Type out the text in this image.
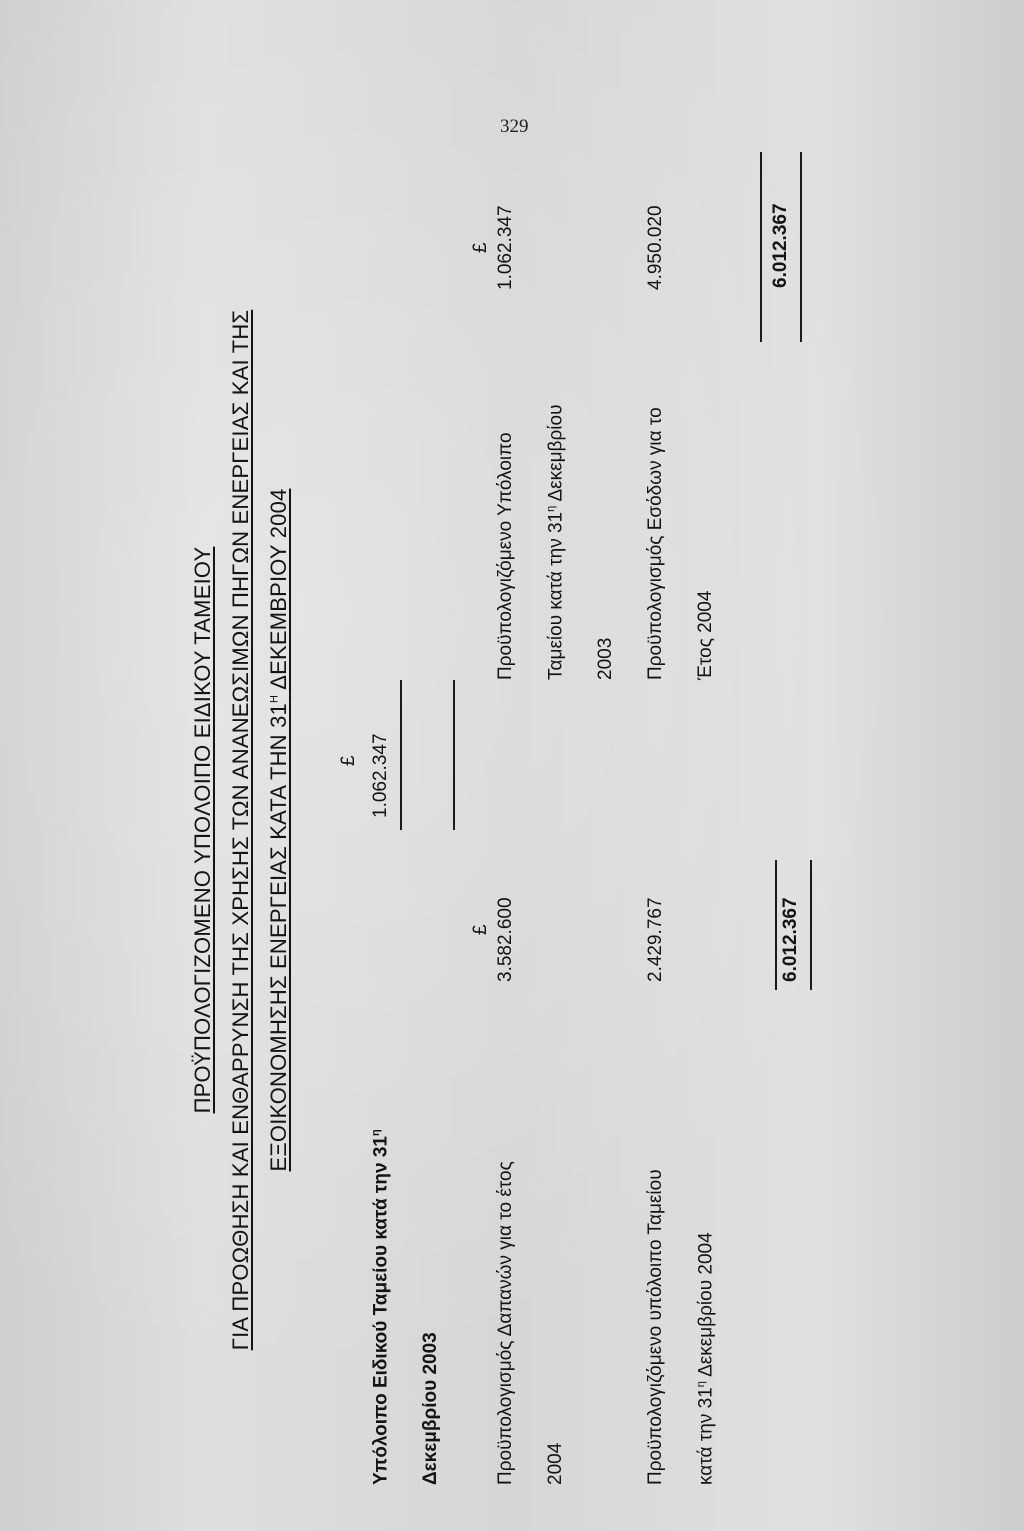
329
ΠΡΟΫΠΟΛΟΓΙΖΟΜΕΝΟ ΥΠΟΛΟΙΠΟ ΕΙΔΙΚΟΥ ΤΑΜΕΙΟΥ ΓΙΑ ΠΡΟΩΘΗΣΗ ΚΑΙ ΕΝΘΑΡΡΥΝΣΗ ΤΗΣ ΧΡΗΣΗΣ ΤΩΝ ΑΝΑΝΕΩΣΙΜΩΝ ΠΗΓΩΝ ΕΝΕΡΓΕΙΑΣ ΚΑΙ ΤΗΣ ΕΞΟΙΚΟΝΟΜΗΣΗΣ ΕΝΕΡΓΕΙΑΣ ΚΑΤΑ ΤΗΝ $31^H$ ΔΕΚΕΜΒΡΙΟΥ 2004
Υπόλοιπο Ειδικού Ταμείου κατά την $31^\eta$
Δεκεμβρίου 2003
£ 1.062.347
Προϋπολογισμός Δαπανών για το έτος 2004
£ 3.582.600
Προϋπολογιζόμενο υπόλοιπο Ταμείου κατά την $31^\eta$ Δεκεμβρίου 2004
2.429.767	6.012.367
Προϋπολογιζόμενο Υπόλοιπο Ταμείου κατά την $31^\eta$ Δεκεμβρίου
2003
£ 1.062.347
Προϋπολογισμός Εσόδων για το Έτος 2004
4.950.020	6.012.367
